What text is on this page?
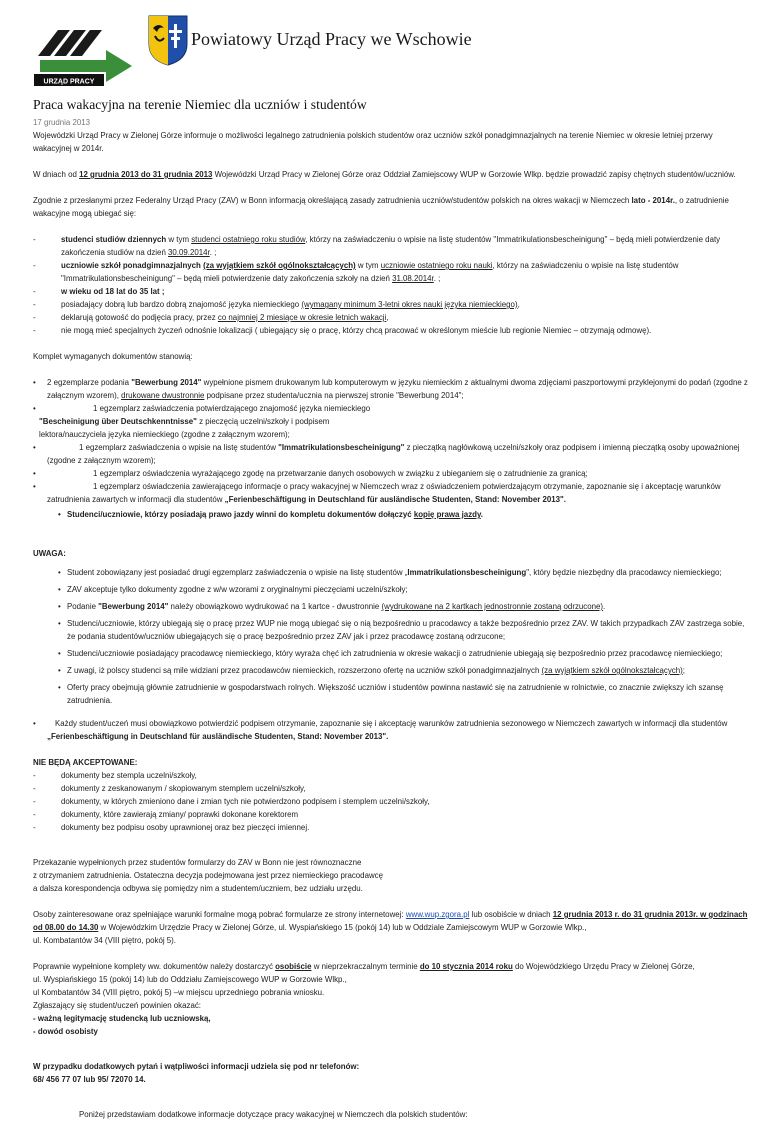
URZĄD PRACY
Powiatowy Urząd Pracy we Wschowie
Praca wakacyjna na terenie Niemiec dla uczniów i studentów
17 grudnia 2013

Wojewódzki Urząd Pracy w Zielonej Górze informuje o możliwości legalnego zatrudnienia polskich studentów oraz uczniów szkół ponadgimnazjalnych na terenie Niemiec w okresie letniej przerwy wakacyjnej w 2014r.

W dniach od 12 grudnia 2013 do 31 grudnia 2013 Wojewódzki Urząd Pracy w Zielonej Górze oraz Oddział Zamiejscowy WUP w Gorzowie Wlkp. będzie prowadzić zapisy chętnych studentów/uczniów.

Zgodnie z przesłanymi przez Federalny Urząd Pracy (ZAV) w Bonn informacją określającą zasady zatrudnienia uczniów/studentów polskich na okres wakacji w Niemczech lato - 2014r., o zatrudnienie wakacyjne mogą ubiegać się:

-	studenci studiów dziennych w tym studenci ostatniego roku studiów, którzy na zaświadczeniu o wpisie na listę studentów "Immatrikulationsbescheinigung" – będą mieli potwierdzenie daty zakończenia studiów na dzień 30.09.2014r. ;
-	uczniowie szkół ponadgimnazjalnych (za wyjątkiem szkół ogólnokształcących) w tym uczniowie ostatniego roku nauki, którzy na zaświadczeniu o wpisie na listę studentów "Immatrikulationsbescheinigung" – będą mieli potwierdzenie daty zakończenia szkoły na dzień 31.08.2014r. ;
-	w wieku od 18 lat do 35 lat ;
-	posiadający dobrą lub bardzo dobrą znajomość języka niemieckiego (wymagany minimum 3-letni okres nauki języka niemieckiego),
-	deklarują gotowość do podjęcia pracy, przez co najmniej 2 miesiące w okresie letnich wakacji,
-	nie mogą mieć specjalnych życzeń odnośnie lokalizacji ( ubiegający się o pracę, którzy chcą pracować w określonym mieście lub regionie Niemiec – otrzymają odmowę).

Komplet wymaganych dokumentów stanowią:

•	2 egzemplarze podania "Bewerbung 2014" wypełnione pismem drukowanym lub komputerowym w języku niemieckim z aktualnymi dwoma zdjęciami paszportowymi przyklejonymi do podań (zgodne z załącznym wzorem), drukowane dwustronnie podpisane przez studenta/ucznia na pierwszej stronie "Bewerbung 2014";
•	1 egzemplarz zaświadczenia potwierdzającego znajomość języka niemieckiego

"Bescheinigung über Deutschkenntnisse" z pieczęcią uczelni/szkoły i podpisem

lektora/nauczyciela języka niemieckiego (zgodne z załącznym wzorem);

•	1 egzemplarz zaświadczenia o wpisie na listę studentów "Immatrikulationsbescheinigung" z pieczątką nagłówkową uczelni/szkoły oraz podpisem i imienną pieczątką osoby upoważnionej (zgodne z załącznym wzorem);
•	1 egzemplarz oświadczenia wyrażającego zgodę na przetwarzanie danych osobowych w związku z ubieganiem się o zatrudnienie za granicą;
•	1 egzemplarz oświadczenia zawierającego informacje o pracy wakacyjnej w Niemczech wraz z oświadczeniem potwierdzającym otrzymanie, zapoznanie się i akceptację warunków zatrudnienia zawartych w informacji dla studentów „Ferienbeschäftigung in Deutschland für ausländische Studenten, Stand: November 2013".
• Studenci/uczniowie, którzy posiadają prawo jazdy winni do kompletu dokumentów dołączyć kopię prawa jazdy.

UWAGA:

• Student zobowiązany jest posiadać drugi egzemplarz zaświadczenia o wpisie na listę studentów „Immatrikulationsbescheinigung", który będzie niezbędny dla pracodawcy niemieckiego;
• ZAV akceptuje tylko dokumenty zgodne z w/w wzorami z oryginalnymi pieczęciami uczelni/szkoły;
• Podanie "Bewerbung 2014" należy obowiązkowo wydrukować na 1 kartce - dwustronnie (wydrukowane na 2 kartkach jednostronnie zostaną odrzucone).
• Studenci/uczniowie, którzy ubiegają się o pracę przez WUP nie mogą ubiegać się o nią bezpośrednio u pracodawcy a także bezpośrednio przez ZAV. W takich przypadkach ZAV zastrzega sobie, że podania studentów/uczniów ubiegających się o pracę bezpośrednio przez ZAV jak i przez pracodawcę zostaną odrzucone;
• Studenci/uczniowie posiadający pracodawcę niemieckiego, który wyraża chęć ich zatrudnienia w okresie wakacji o zatrudnienie ubiegają się bezpośrednio przez pracodawcę niemieckiego;
• Z uwagi, iż polscy studenci są mile widziani przez pracodawców niemieckich, rozszerzono ofertę na uczniów szkół ponadgimnazjalnych (za wyjątkiem szkół ogólnokształcących);
• Oferty pracy obejmują głównie zatrudnienie w gospodarstwach rolnych. Większość uczniów i studentów powinna nastawić się na zatrudnienie w rolnictwie, co znacznie zwiększy ich szansę zatrudnienia.
•	Każdy student/uczeń musi obowiązkowo potwierdzić podpisem otrzymanie, zapoznanie się i akceptację warunków zatrudnienia sezonowego w Niemczech zawartych w informacji dla studentów „Ferienbeschäftigung in Deutschland für ausländische Studenten, Stand: November 2013".

NIE BĘDĄ AKCEPTOWANE:

-	dokumenty bez stempla uczelni/szkoły,
-	dokumenty z zeskanowanym / skopiowanym stemplem uczelni/szkoły,
-	dokumenty, w których zmieniono dane i zmian tych nie potwierdzono podpisem i stemplem uczelni/szkoły,
-	dokumenty, które zawierają zmiany/ poprawki dokonane korektorem
-	dokumenty bez podpisu osoby uprawnionej oraz bez pieczęci imiennej.

Przekazanie wypełnionych przez studentów formularzy do ZAV w Bonn nie jest równoznaczne

z otrzymaniem zatrudnienia. Ostateczna decyzja podejmowana jest przez niemieckiego pracodawcę

a dalsza korespondencja odbywa się pomiędzy nim a studentem/uczniem, bez udziału urzędu.

Osoby zainteresowane oraz spełniające warunki formalne mogą pobrać formularze ze strony internetowej: www.wup.zgora.pl lub osobiście w dniach 12 grudnia 2013 r. do 31 grudnia 2013r. w godzinach od 08.00 do 14.30 w Wojewódzkim Urzędzie Pracy w Zielonej Górze, ul. Wyspiańskiego 15 (pokój 14) lub w Oddziale Zamiejscowym WUP w Gorzowie Wlkp.,

ul. Kombatantów 34 (VIII piętro, pokój 5).

Poprawnie wypełnione komplety ww. dokumentów należy dostarczyć osobiście w nieprzekraczalnym terminie do 10 stycznia 2014 roku do Wojewódzkiego Urzędu Pracy w Zielonej Górze,

ul. Wyspiańskiego 15 (pokój 14) lub do Oddziału Zamiejscowego WUP w Gorzowie Wlkp.,

ul Kombatantów 34 (VIII piętro, pokój 5) –w miejscu uprzedniego pobrania wniosku.

Zgłaszający się student/uczeń powinien okazać:

- ważną legitymację studencką lub uczniowską,

- dowód osobisty

W przypadku dodatkowych pytań i wątpliwości informacji udziela się pod nr telefonów:

68/ 456 77 07 lub 95/ 72070 14.

Poniżej przedstawiam dodatkowe informacje dotyczące pracy wakacyjnej w Niemczech dla polskich studentów:
